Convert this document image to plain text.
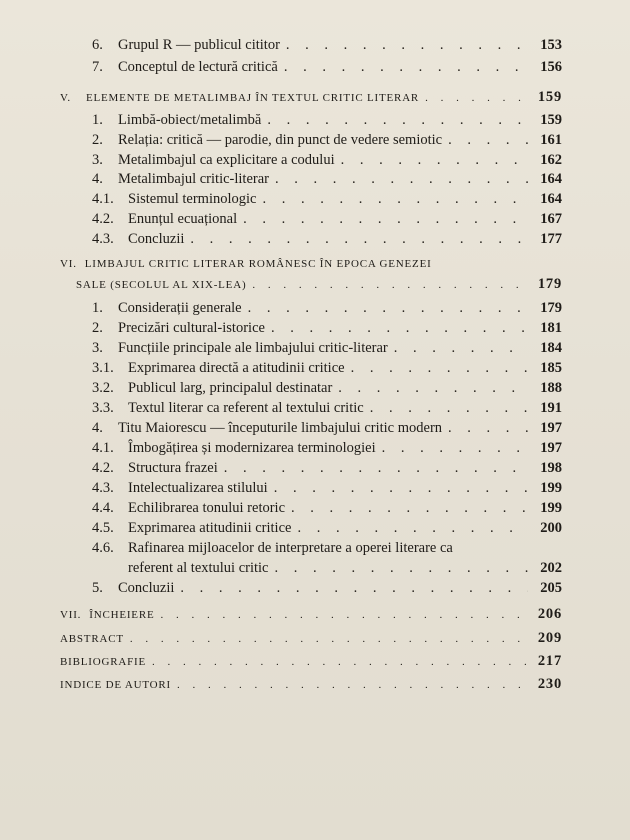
6.	Grupul R — publicul cititor . . .	153
7.	Conceptul de lectură critică . . .	156
V.	ELEMENTE DE METALIMBAJ ÎN TEXTUL CRITIC LITERAR . . .	159
1.	Limbă-obiect/metalimbă . . .	159
2.	Relația: critică — parodie, din punct de vedere semiotic . . .	161
3.	Metalimbajul ca explicitare a codului . . .	162
4.	Metalimbajul critic-literar . . .	164
4.1. Sistemul terminologic . . .	164
4.2. Enunțul ecuațional . . .	167
4.3. Concluzii . . .	177
VI. LIMBAJUL CRITIC LITERAR ROMÂNESC ÎN EPOCA GENEZEI
SALE (SECOLUL AL XIX-LEA) . . .	179
1.	Considerații generale . . .	179
2.	Precizări cultural-istorice . . .	181
3.	Funcțiile principale ale limbajului critic-literar . . .	184
3.1. Exprimarea directă a atitudinii critice . . .	185
3.2. Publicul larg, principalul destinatar . . .	188
3.3. Textul literar ca referent al textului critic . . .	191
4.	Titu Maiorescu — începuturile limbajului critic modern . . .	197
4.1. Îmbogățirea și modernizarea terminologiei . . .	197
4.2. Structura frazei . . .	198
4.3. Intelectualizarea stilului . . .	199
4.4. Echilibrarea tonului retoric . . .	199
4.5. Exprimarea atitudinii critice . . .	200
4.6. Rafinarea mijloacelor de interpretare a operei literare ca
referent al textului critic . . .	202
5.	Concluzii . . .	205
VII. ÎNCHEIERE . . .	206
ABSTRACT . . .	209
BIBLIOGRAFIE . . .	217
INDICE DE AUTORI . . .	230
